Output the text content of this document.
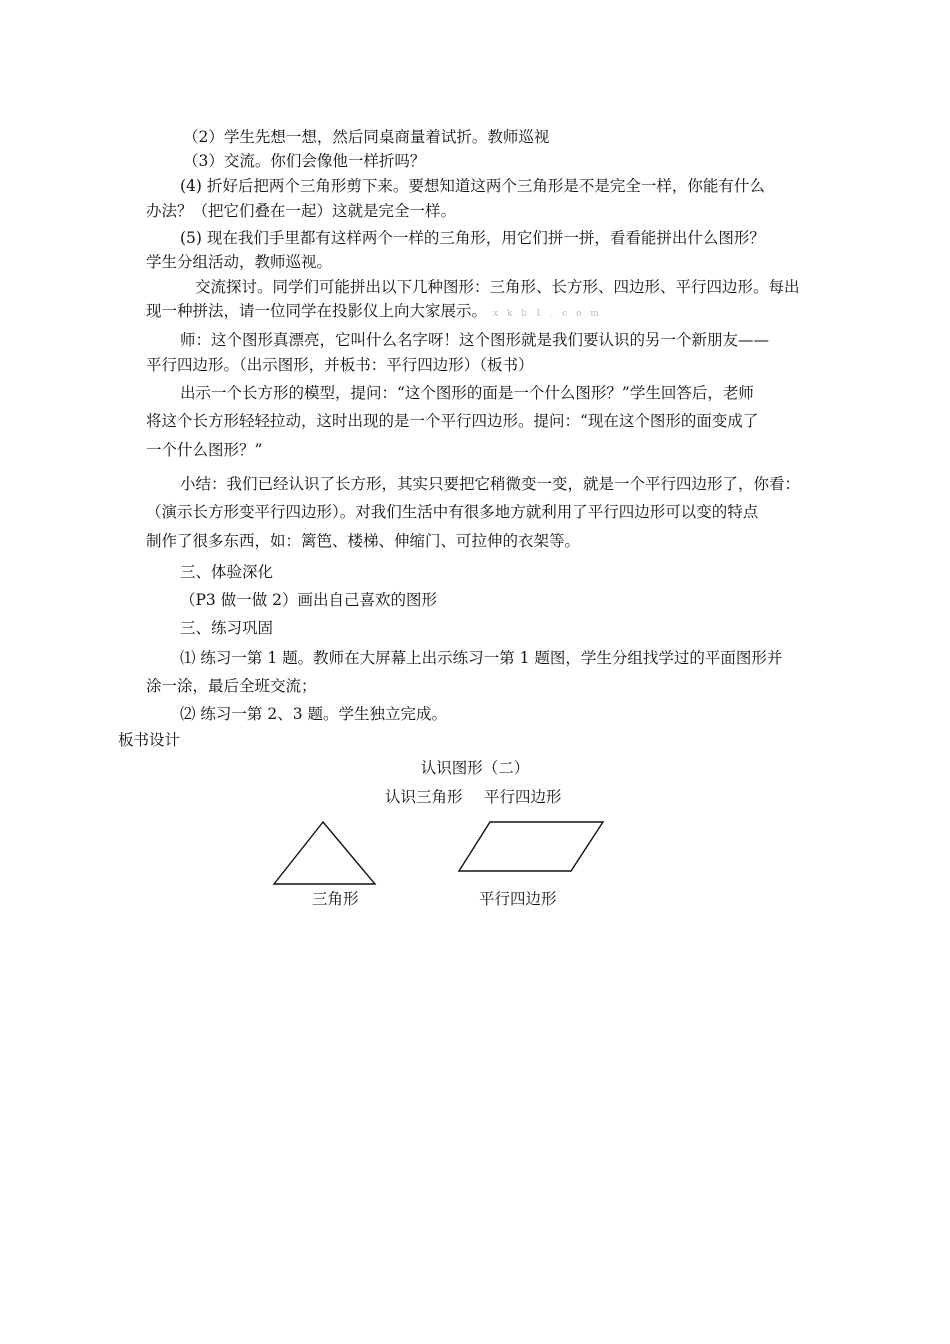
（2）学生先想一想，然后同桌商量着试折。教师巡视
（3）交流。你们会像他一样折吗？
(4) 折好后把两个三角形剪下来。要想知道这两个三角形是不是完全一样，你能有什么
办法？（把它们叠在一起）这就是完全一样。
(5) 现在我们手里都有这样两个一样的三角形，用它们拼一拼，看看能拼出什么图形？
学生分组活动，教师巡视。
交流探讨。同学们可能拼出以下几种图形：三角形、长方形、四边形、平行四边形。每出
现一种拼法，请一位同学在投影仪上向大家展示。 x k b 1 . c o m
师：这个图形真漂亮，它叫什么名字呀！这个图形就是我们要认识的另一个新朋友——
平行四边形。（出示图形，并板书：平行四边形）（板书）
出示一个长方形的模型，提问：“这个图形的面是一个什么图形？”学生回答后，老师
将这个长方形轻轻拉动，这时出现的是一个平行四边形。提问：“现在这个图形的面变成了
一个什么图形？”
小结：我们已经认识了长方形，其实只要把它稍微变一变，就是一个平行四边形了，你看：
（演示长方形变平行四边形）。对我们生活中有很多地方就利用了平行四边形可以变的特点
制作了很多东西，如：篱笆、楼梯、伸缩门、可拉伸的衣架等。
三、体验深化
（P3 做一做 2）画出自己喜欢的图形
三、练习巩固
⑴ 练习一第 1 题。教师在大屏幕上出示练习一第 1 题图，学生分组找学过的平面图形并
涂一涂，最后全班交流；
⑵ 练习一第 2、3 题。学生独立完成。
板书设计
认识图形（二）
认识三角形 平行四边形
三角形	平行四边形
